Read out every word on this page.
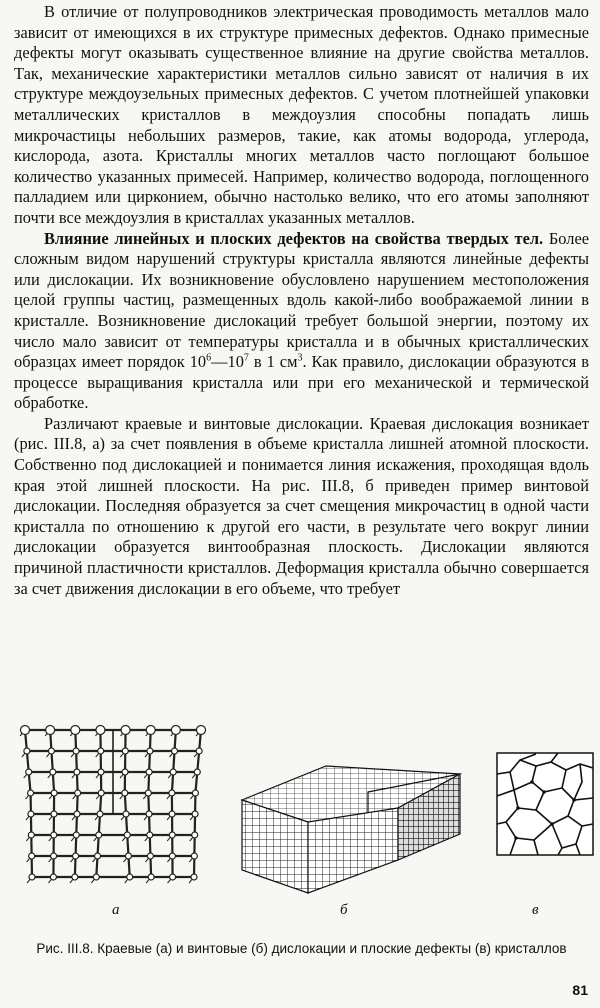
В отличие от полупроводников электрическая проводимость металлов мало зависит от имеющихся в их структуре примесных дефектов. Однако примесные дефекты могут оказывать существенное влияние на другие свойства металлов. Так, механические характеристики металлов сильно зависят от наличия в их структуре междоузельных примесных дефектов. С учетом плотнейшей упаковки металлических кристаллов в междоузлия способны попадать лишь микрочастицы небольших размеров, такие, как атомы водорода, углерода, кислорода, азота. Кристаллы многих металлов часто поглощают большое количество указанных примесей. Например, количество водорода, поглощенного палладием или цирконием, обычно настолько велико, что его атомы заполняют почти все междоузлия в кристаллах указанных металлов.

Влияние линейных и плоских дефектов на свойства твердых тел. Более сложным видом нарушений структуры кристалла являются линейные дефекты или дислокации. Их возникновение обусловлено нарушением местоположения целой группы частиц, размещенных вдоль какой-либо воображаемой линии в кристалле. Возникновение дислокаций требует большой энергии, поэтому их число мало зависит от температуры кристалла и в обычных кристаллических образцах имеет порядок $10^6—10^7$ в 1 $см^3$. Как правило, дислокации образуются в процессе выращивания кристалла или при его механической и термической обработке.

Различают краевые и винтовые дислокации. Краевая дислокация возникает (рис. III.8, а) за счет появления в объеме кристалла лишней атомной плоскости. Собственно под дислокацией и понимается линия искажения, проходящая вдоль края этой лишней плоскости. На рис. III.8, б приведен пример винтовой дислокации. Последняя образуется за счет смещения микрочастиц в одной части кристалла по отношению к другой его части, в результате чего вокруг линии дислокации образуется винтообразная плоскость. Дислокации являются причиной пластичности кристаллов. Деформация кристалла обычно совершается за счет движения дислокации в его объеме, что требует

а	б	в
Рис. III.8. Краевые (а) и винтовые (б) дислокации и плоские дефекты (в) кристаллов
81
